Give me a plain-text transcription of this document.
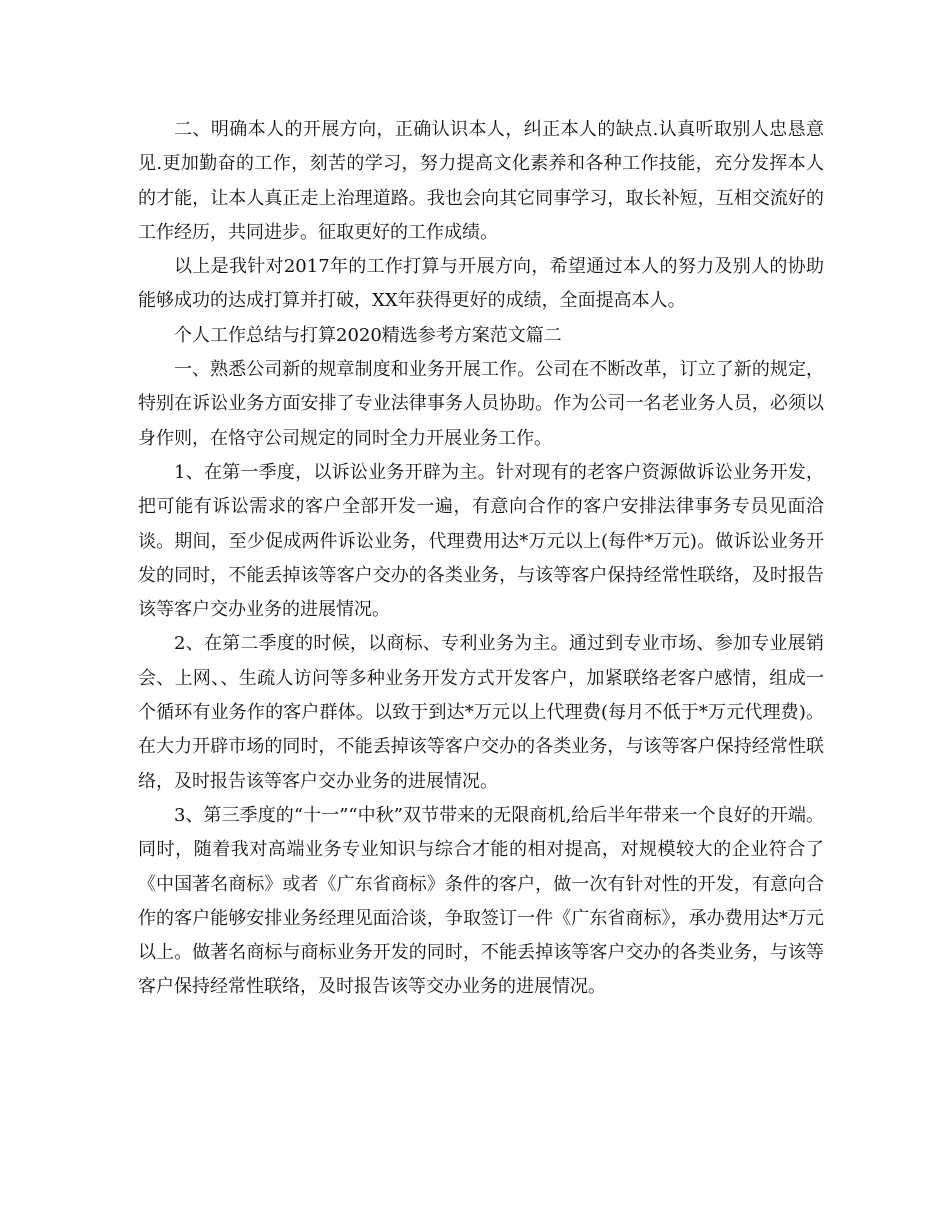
二、明确本人的开展方向，正确认识本人，纠正本人的缺点.认真听取别人忠恳意见.更加勤奋的工作，刻苦的学习，努力提高文化素养和各种工作技能，充分发挥本人的才能，让本人真正走上治理道路。我也会向其它同事学习，取长补短，互相交流好的工作经历，共同进步。征取更好的工作成绩。

以上是我针对2017年的工作打算与开展方向，希望通过本人的努力及别人的协助能够成功的达成打算并打破，XX年获得更好的成绩，全面提高本人。

个人工作总结与打算2020精选参考方案范文篇二

一、熟悉公司新的规章制度和业务开展工作。公司在不断改革，订立了新的规定，特别在诉讼业务方面安排了专业法律事务人员协助。作为公司一名老业务人员，必须以身作则，在恪守公司规定的同时全力开展业务工作。

1、在第一季度，以诉讼业务开辟为主。针对现有的老客户资源做诉讼业务开发，把可能有诉讼需求的客户全部开发一遍，有意向合作的客户安排法律事务专员见面洽谈。期间，至少促成两件诉讼业务，代理费用达*万元以上(每件*万元)。做诉讼业务开发的同时，不能丢掉该等客户交办的各类业务，与该等客户保持经常性联络，及时报告该等客户交办业务的进展情况。

2、在第二季度的时候，以商标、专利业务为主。通过到专业市场、参加专业展销会、上网、、生疏人访问等多种业务开发方式开发客户，加紧联络老客户感情，组成一个循环有业务作的客户群体。以致于到达*万元以上代理费(每月不低于*万元代理费)。在大力开辟市场的同时，不能丢掉该等客户交办的各类业务，与该等客户保持经常性联络，及时报告该等客户交办业务的进展情况。

3、第三季度的“十一”“中秋”双节带来的无限商机,给后半年带来一个良好的开端。同时，随着我对高端业务专业知识与综合才能的相对提高，对规模较大的企业符合了《中国著名商标》或者《广东省商标》条件的客户，做一次有针对性的开发，有意向合作的客户能够安排业务经理见面洽谈，争取签订一件《广东省商标》，承办费用达*万元以上。做著名商标与商标业务开发的同时，不能丢掉该等客户交办的各类业务，与该等客户保持经常性联络，及时报告该等交办业务的进展情况。
